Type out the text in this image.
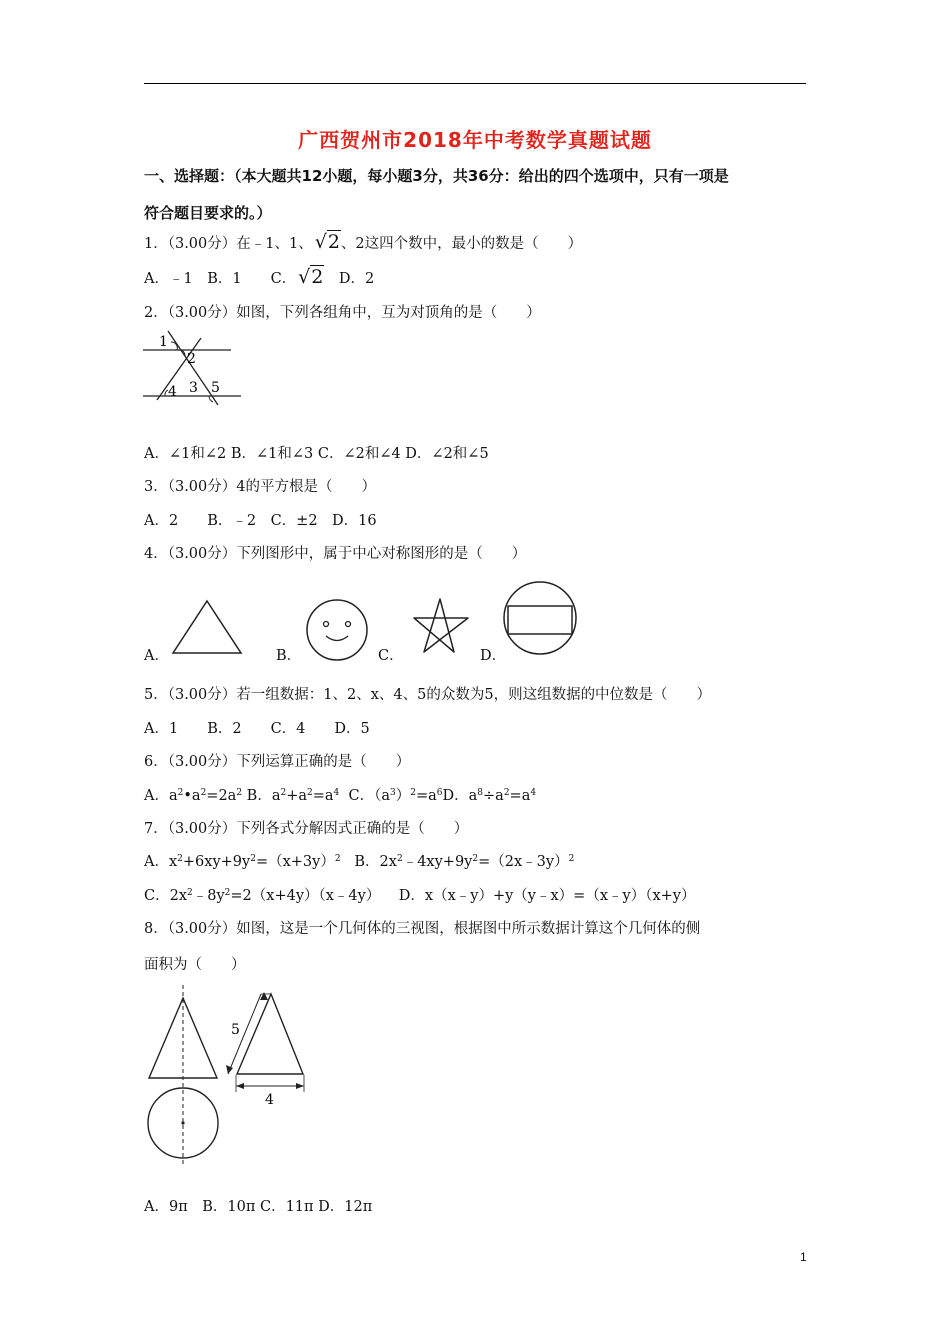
广西贺州市2018年中考数学真题试题
一、选择题：（本大题共12小题，每小题3分，共36分：给出的四个选项中，只有一项是
符合题目要求的。）
1．（3.00分）在﹣1、1、 √2、2这四个数中，最小的数是（　　）
A．﹣1　B．1　　C． √2　D．2
2．（3.00分）如图，下列各组角中，互为对顶角的是（　　）
1
2
3
4 5
A．∠1和∠2 B．∠1和∠3 C．∠2和∠4 D．∠2和∠5
3．（3.00分）4的平方根是（　　）
A．2　　B．﹣2　C．±2　D．16
4．（3.00分）下列图形中，属于中心对称图形的是（　　）
A．	B．	C．	D．
5．（3.00分）若一组数据：1、2、x、4、5的众数为5，则这组数据的中位数是（　　）
A．1　　B．2　　C．4　　D．5
6．（3.00分）下列运算正确的是（　　）
A．$a^2•a^2=2a^2$ B．$a^2+a^2=a^4$  C．$(a^3)^2=a^6D$．$a^8\div a^2=a^4$
7．（3.00分）下列各式分解因式正确的是（　　）
A．$x^2+6xy+9y^2=(x+3y)^2$   B．$2x^2﹣4xy+9y^2=(2x﹣3y)^2$
C．$2x^2﹣8y^2=2(x+4y)(x﹣4y)$    D．x（x﹣y）+y（y﹣x）=（x﹣y）（x+y）
8．（3.00分）如图，这是一个几何体的三视图，根据图中所示数据计算这个几何体的侧
面积为（　　）
5
4
A．9π　B．10π C．11π D．12π
1
